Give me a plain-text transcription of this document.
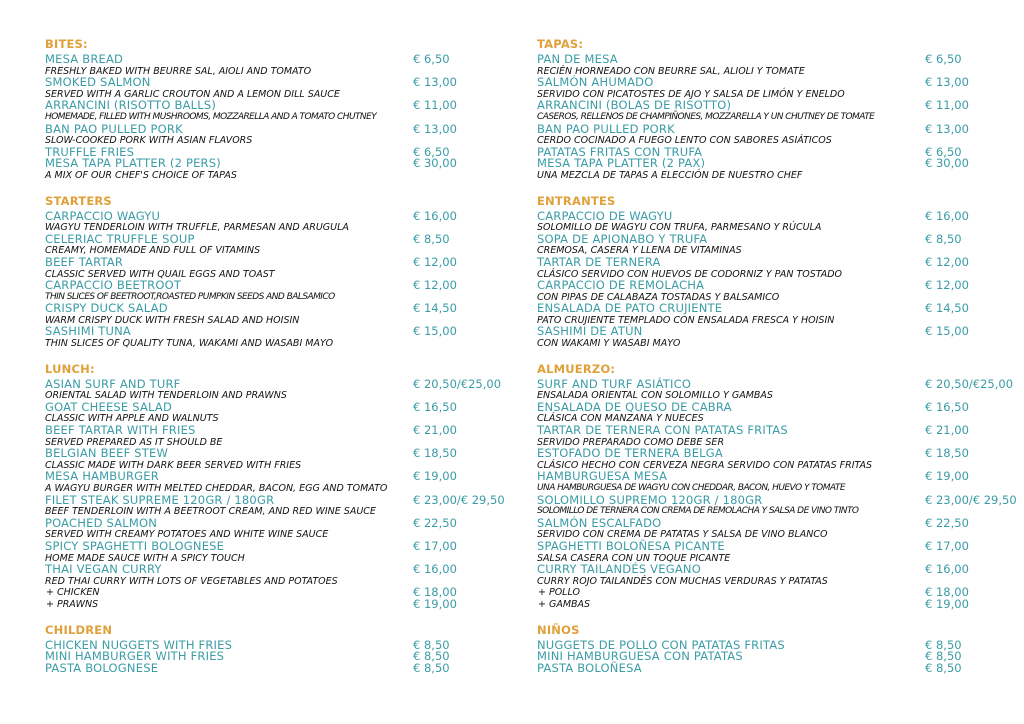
BITES:
MESA BREAD	€ 6,50
FRESHLY BAKED WITH BEURRE SAL, AIOLI AND TOMATO
SMOKED SALMON	€ 13,00
SERVED WITH A GARLIC CROUTON AND A LEMON DILL SAUCE
ARRANCINI (RISOTTO BALLS)	€ 11,00
HOMEMADE, FILLED WITH MUSHROOMS, MOZZARELLA AND A TOMATO CHUTNEY
BAN PAO PULLED PORK	€ 13,00
SLOW-COOKED PORK WITH ASIAN FLAVORS
TRUFFLE FRIES	€ 6,50
MESA TAPA PLATTER (2 PERS)	€ 30,00
A MIX OF OUR CHEF'S CHOICE OF TAPAS
STARTERS
CARPACCIO WAGYU	€ 16,00
WAGYU TENDERLOIN WITH TRUFFLE, PARMESAN AND ARUGULA
CELERIAC TRUFFLE SOUP	€ 8,50
CREAMY, HOMEMADE AND FULL OF VITAMINS
BEEF TARTAR	€ 12,00
CLASSIC SERVED WITH QUAIL EGGS AND TOAST
CARPACCIO BEETROOT	€ 12,00
THIN SLICES OF BEETROOT,ROASTED PUMPKIN SEEDS AND BALSAMICO
CRISPY DUCK SALAD	€ 14,50
WARM CRISPY DUCK WITH FRESH SALAD AND HOISIN
SASHIMI TUNA	€ 15,00
THIN SLICES OF QUALITY TUNA, WAKAMI AND WASABI MAYO
LUNCH:
ASIAN SURF AND TURF	€ 20,50/€25,00
ORIENTAL SALAD WITH TENDERLOIN AND PRAWNS
GOAT CHEESE SALAD	€ 16,50
CLASSIC WITH APPLE AND WALNUTS
BEEF TARTAR WITH FRIES	€ 21,00
SERVED PREPARED AS IT SHOULD BE
BELGIAN BEEF STEW	€ 18,50
CLASSIC MADE WITH DARK BEER SERVED WITH FRIES
MESA HAMBURGER	€ 19,00
A WAGYU BURGER WITH MELTED CHEDDAR, BACON, EGG AND TOMATO
FILET STEAK SUPREME 120GR / 180GR	€ 23,00/€ 29,50
BEEF TENDERLOIN WITH A BEETROOT CREAM, AND RED WINE SAUCE
POACHED SALMON	€ 22,50
SERVED WITH CREAMY POTATOES AND WHITE WINE SAUCE
SPICY SPAGHETTI BOLOGNESE	€ 17,00
HOME MADE SAUCE WITH A SPICY TOUCH
THAI VEGAN CURRY	€ 16,00
RED THAI CURRY WITH LOTS OF VEGETABLES AND POTATOES
+ CHICKEN	€ 18,00
+ PRAWNS	€ 19,00
CHILDREN
CHICKEN NUGGETS WITH FRIES	€ 8,50
MINI HAMBURGER WITH FRIES	€ 8,50
PASTA BOLOGNESE	€ 8,50
TAPAS:
PAN DE MESA	€ 6,50
RECIÉN HORNEADO CON BEURRE SAL, ALIOLI Y TOMATE
SALMÓN AHUMADO	€ 13,00
SERVIDO CON PICATOSTES DE AJO Y SALSA DE LIMÓN Y ENELDO
ARRANCINI (BOLAS DE RISOTTO)	€ 11,00
CASEROS, RELLENOS DE CHAMPIÑONES, MOZZARELLA Y UN CHUTNEY DE TOMATE
BAN PAO PULLED PORK	€ 13,00
CERDO COCINADO A FUEGO LENTO CON SABORES ASIÁTICOS
PATATAS FRITAS CON TRUFA	€ 6,50
MESA TAPA PLATTER (2 PAX)	€ 30,00
UNA MEZCLA DE TAPAS A ELECCIÓN DE NUESTRO CHEF
ENTRANTES
CARPACCIO DE WAGYU	€ 16,00
SOLOMILLO DE WAGYU CON TRUFA, PARMESANO Y RÚCULA
SOPA DE APIONABO Y TRUFA	€ 8,50
CREMOSA, CASERA Y LLENA DE VITAMINAS
TARTAR DE TERNERA	€ 12,00
CLÁSICO SERVIDO CON HUEVOS DE CODORNIZ Y PAN TOSTADO
CARPACCIO DE REMOLACHA	€ 12,00
CON PIPAS DE CALABAZA TOSTADAS Y BALSAMICO
ENSALADA DE PATO CRUJIENTE	€ 14,50
PATO CRUJIENTE TEMPLADO CON ENSALADA FRESCA Y HOISIN
SASHIMI DE ATÚN	€ 15,00
CON WAKAMI Y WASABI MAYO
ALMUERZO:
SURF AND TURF ASIÁTICO	€ 20,50/€25,00
ENSALADA ORIENTAL CON SOLOMILLO Y GAMBAS
ENSALADA DE QUESO DE CABRA	€ 16,50
CLÁSICA CON MANZANA Y NUECES
TARTAR DE TERNERA CON PATATAS FRITAS	€ 21,00
SERVIDO PREPARADO COMO DEBE SER
ESTOFADO DE TERNERA BELGA	€ 18,50
CLÁSICO HECHO CON CERVEZA NEGRA SERVIDO CON PATATAS FRITAS
HAMBURGUESA MESA	€ 19,00
UNA HAMBURGUESA DE WAGYU CON CHEDDAR, BACON, HUEVO Y TOMATE
SOLOMILLO SUPREMO 120GR / 180GR	€ 23,00/€ 29,50
SOLOMILLO DE TERNERA CON CREMA DE REMOLACHA Y SALSA DE VINO TINTO
SALMÓN ESCALFADO	€ 22,50
SERVIDO CON CREMA DE PATATAS Y SALSA DE VINO BLANCO
SPAGHETTI BOLOÑESA PICANTE	€ 17,00
SALSA CASERA CON UN TOQUE PICANTE
CURRY TAILANDÉS VEGANO	€ 16,00
CURRY ROJO TAILANDÉS CON MUCHAS VERDURAS Y PATATAS
+ POLLO	€ 18,00
+ GAMBAS	€ 19,00
NIÑOS
NUGGETS DE POLLO CON PATATAS FRITAS	€ 8,50
MINI HAMBURGUESA CON PATATAS	€ 8,50
PASTA BOLOÑESA	€ 8,50
